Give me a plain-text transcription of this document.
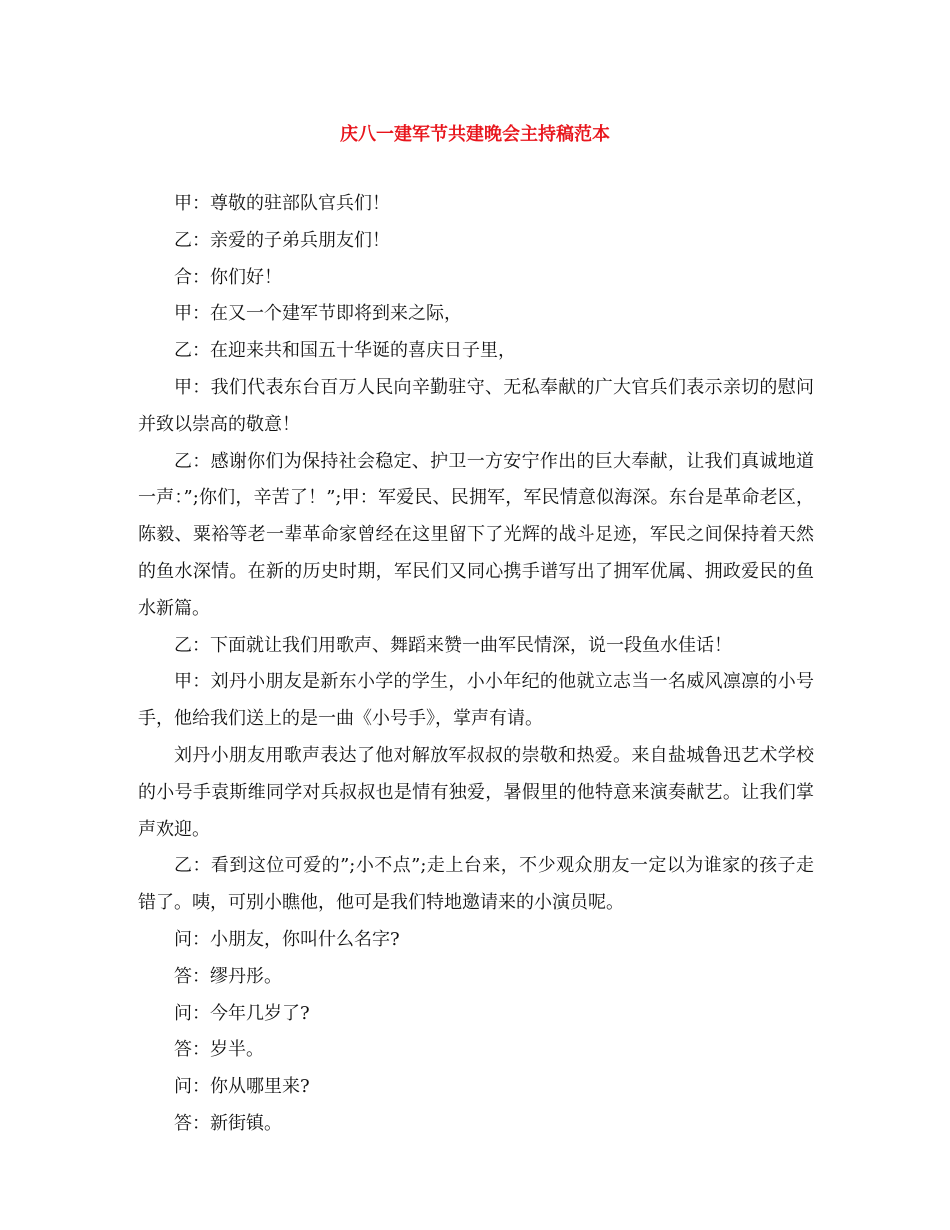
庆八一建军节共建晚会主持稿范本

甲：尊敬的驻部队官兵们！

乙：亲爱的子弟兵朋友们！

合：你们好！

甲：在又一个建军节即将到来之际，

乙：在迎来共和国五十华诞的喜庆日子里，

甲：我们代表东台百万人民向辛勤驻守、无私奉献的广大官兵们表示亲切的慰问并致以崇高的敬意！

乙：感谢你们为保持社会稳定、护卫一方安宁作出的巨大奉献，让我们真诚地道一声：”;你们，辛苦了！”;甲：军爱民、民拥军，军民情意似海深。东台是革命老区，陈毅、粟裕等老一辈革命家曾经在这里留下了光辉的战斗足迹，军民之间保持着天然的鱼水深情。在新的历史时期，军民们又同心携手谱写出了拥军优属、拥政爱民的鱼水新篇。

乙：下面就让我们用歌声、舞蹈来赞一曲军民情深，说一段鱼水佳话！

甲：刘丹小朋友是新东小学的学生，小小年纪的他就立志当一名威风凛凛的小号手，他给我们送上的是一曲《小号手》，掌声有请。

刘丹小朋友用歌声表达了他对解放军叔叔的崇敬和热爱。来自盐城鲁迅艺术学校的小号手袁斯维同学对兵叔叔也是情有独爱，暑假里的他特意来演奏献艺。让我们掌声欢迎。

乙：看到这位可爱的”;小不点”;走上台来，不少观众朋友一定以为谁家的孩子走错了。咦，可别小瞧他，他可是我们特地邀请来的小演员呢。

问：小朋友，你叫什么名字?

答：缪丹彤。

问：今年几岁了?

答：岁半。

问：你从哪里来?

答：新街镇。
